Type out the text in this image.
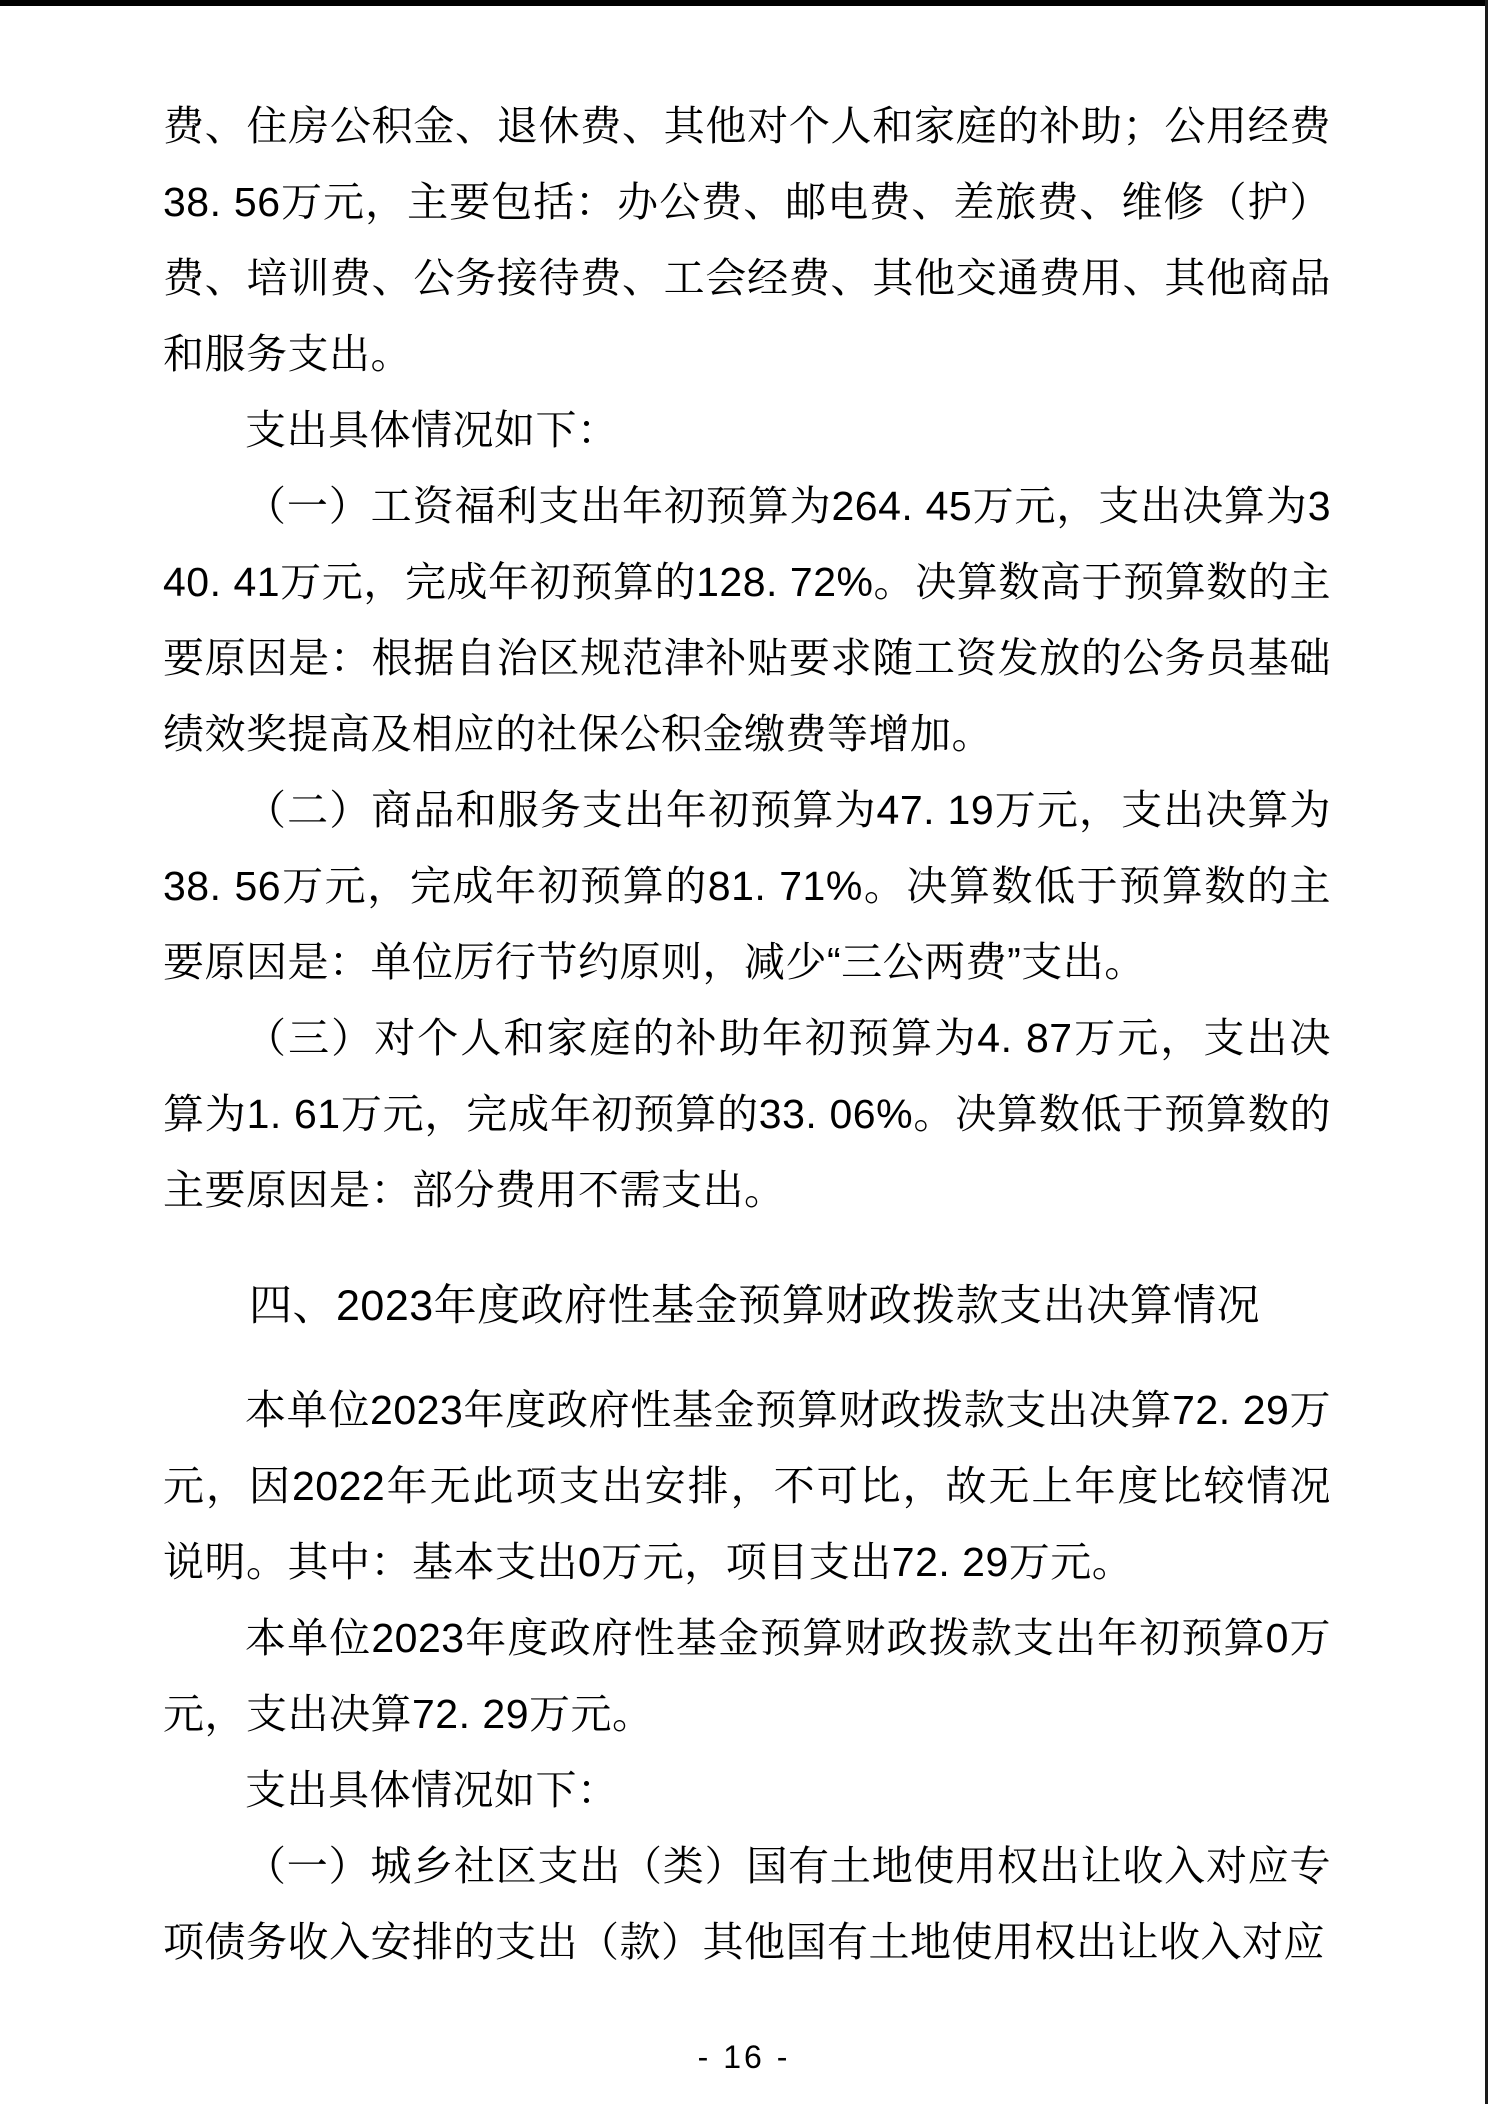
费、住房公积金、退休费、其他对个人和家庭的补助；公用经费38. 56万元，主要包括：办公费、邮电费、差旅费、维修（护）费、培训费、公务接待费、工会经费、其他交通费用、其他商品和服务支出。

支出具体情况如下：

（一）工资福利支出年初预算为264. 45万元，支出决算为340. 41万元，完成年初预算的128. 72%。决算数高于预算数的主要原因是：根据自治区规范津补贴要求随工资发放的公务员基础绩效奖提高及相应的社保公积金缴费等增加。

（二）商品和服务支出年初预算为47. 19万元，支出决算为38. 56万元，完成年初预算的81. 71%。决算数低于预算数的主要原因是：单位厉行节约原则，减少“三公两费”支出。

（三）对个人和家庭的补助年初预算为4. 87万元，支出决算为1. 61万元，完成年初预算的33. 06%。决算数低于预算数的主要原因是：部分费用不需支出。

四、2023年度政府性基金预算财政拨款支出决算情况

本单位2023年度政府性基金预算财政拨款支出决算72. 29万元，因2022年无此项支出安排，不可比，故无上年度比较情况说明。其中：基本支出0万元，项目支出72. 29万元。

本单位2023年度政府性基金预算财政拨款支出年初预算0万元，支出决算72. 29万元。

支出具体情况如下：

（一）城乡社区支出（类）国有土地使用权出让收入对应专项债务收入安排的支出（款）其他国有土地使用权出让收入对应

- 16 -
